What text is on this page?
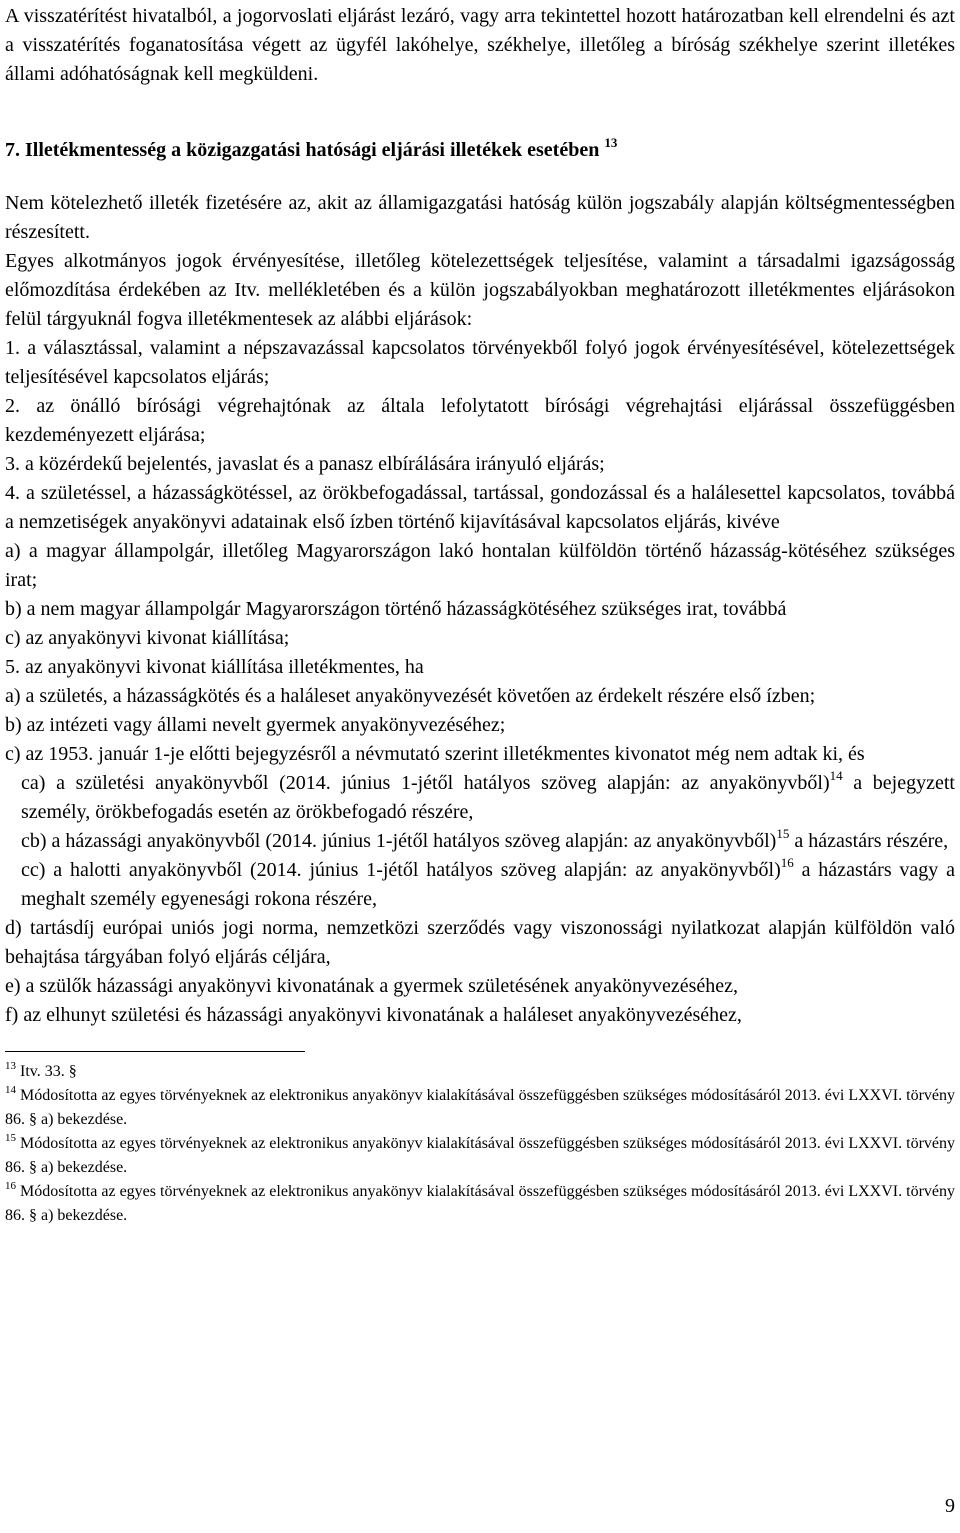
A visszatérítést hivatalból, a jogorvoslati eljárást lezáró, vagy arra tekintettel hozott határozatban kell elrendelni és azt a visszatérítés foganatosítása végett az ügyfél lakóhelye, székhelye, illetőleg a bíróság székhelye szerint illetékes állami adóhatóságnak kell megküldeni.

7. Illetékmentesség a közigazgatási hatósági eljárási illetékek esetében $^{13}$

Nem kötelezhető illeték fizetésére az, akit az államigazgatási hatóság külön jogszabály alapján költségmentességben részesített.

Egyes alkotmányos jogok érvényesítése, illetőleg kötelezettségek teljesítése, valamint a társadalmi igazságosság előmozdítása érdekében az Itv. mellékletében és a külön jogszabályokban meghatározott illetékmentes eljárásokon felül tárgyuknál fogva illetékmentesek az alábbi eljárások:

1. a választással, valamint a népszavazással kapcsolatos törvényekből folyó jogok érvényesítésével, kötelezettségek teljesítésével kapcsolatos eljárás;

2. az önálló bírósági végrehajtónak az általa lefolytatott bírósági végrehajtási eljárással összefüggésben kezdeményezett eljárása;

3. a közérdekű bejelentés, javaslat és a panasz elbírálására irányuló eljárás;

4. a születéssel, a házasságkötéssel, az örökbefogadással, tartással, gondozással és a halálesettel kapcsolatos, továbbá a nemzetiségek anyakönyvi adatainak első ízben történő kijavításával kapcsolatos eljárás, kivéve

a) a magyar állampolgár, illetőleg Magyarországon lakó hontalan külföldön történő házasság-kötéséhez szükséges irat;

b) a nem magyar állampolgár Magyarországon történő házasságkötéséhez szükséges irat, továbbá

c) az anyakönyvi kivonat kiállítása;

5. az anyakönyvi kivonat kiállítása illetékmentes, ha

a) a születés, a házasságkötés és a haláleset anyakönyvezését követően az érdekelt részére első ízben;

b) az intézeti vagy állami nevelt gyermek anyakönyvezéséhez;

c) az 1953. január 1-je előtti bejegyzésről a névmutató szerint illetékmentes kivonatot még nem adtak ki, és

ca) a születési anyakönyvből (2014. június 1-jétől hatályos szöveg alapján: az anyakönyvből)$^{14}$ a bejegyzett személy, örökbefogadás esetén az örökbefogadó részére,

cb) a házassági anyakönyvből (2014. június 1-jétől hatályos szöveg alapján: az anyakönyvből)$^{15}$ a házastárs részére,

cc) a halotti anyakönyvből (2014. június 1-jétől hatályos szöveg alapján: az anyakönyvből)$^{16}$ a házastárs vagy a meghalt személy egyenesági rokona részére,

d) tartásdíj európai uniós jogi norma, nemzetközi szerződés vagy viszonossági nyilatkozat alapján külföldön való behajtása tárgyában folyó eljárás céljára,

e) a szülők házassági anyakönyvi kivonatának a gyermek születésének anyakönyvezéséhez,

f) az elhunyt születési és házassági anyakönyvi kivonatának a haláleset anyakönyvezéséhez,

$^{13}$ Itv. 33. §

$^{14}$ Módosította az egyes törvényeknek az elektronikus anyakönyv kialakításával összefüggésben szükséges módosításáról 2013. évi LXXVI. törvény 86. § a) bekezdése.

$^{15}$ Módosította az egyes törvényeknek az elektronikus anyakönyv kialakításával összefüggésben szükséges módosításáról 2013. évi LXXVI. törvény 86. § a) bekezdése.

$^{16}$ Módosította az egyes törvényeknek az elektronikus anyakönyv kialakításával összefüggésben szükséges módosításáról 2013. évi LXXVI. törvény 86. § a) bekezdése.

9
